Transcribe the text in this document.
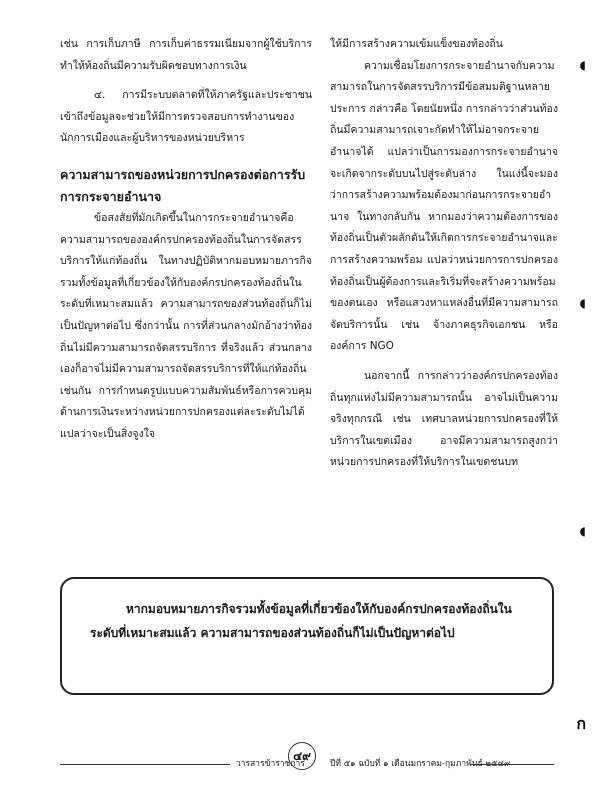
เช่น การเก็บภาษี การเก็บค่าธรรมเนียมจากผู้ใช้บริการ ทำให้ท้องถิ่นมีความรับผิดชอบทางการเงิน

๔. การมีระบบตลาดที่ให้ภาครัฐและประชาชนเข้าถึงข้อมูลจะช่วยให้มีการตรวจสอบการทำงานของนักการเมืองและผู้บริหารของหน่วยบริหาร

ความสามารถของหน่วยการปกครองต่อการรับการกระจายอำนาจ

ข้อสงสัยที่มักเกิดขึ้นในการกระจายอำนาจคือความสามารถขององค์กรปกครองท้องถิ่นในการจัดสรรบริการให้แก่ท้องถิ่น ในทางปฏิบัติหากมอบหมายภารกิจรวมทั้งข้อมูลที่เกี่ยวข้องให้กับองค์กรปกครองท้องถิ่นในระดับที่เหมาะสมแล้ว ความสามารถของส่วนท้องถิ่นก็ไม่เป็นปัญหาต่อไป ซึ่งกว่านั้น การที่ส่วนกลางมักอ้างว่าท้องถิ่นไม่มีความสามารถจัดสรรบริการ ที่จริงแล้ว ส่วนกลางเองก็อาจไม่มีความสามารถจัดสรรบริการที่ให้แก่ท้องถิ่นเช่นกัน การกำหนดรูปแบบความสัมพันธ์หรือการควบคุมด้านการเงินระหว่างหน่วยการปกครองแต่ละระดับไม่ได้แปลว่าจะเป็นสิ่งจูงใจ

ให้มีการสร้างความเข้มแข็งของท้องถิ่น

ความเชื่อมโยงการกระจายอำนาจกับความสามารถในการจัดสรรบริการมีข้อสมมติฐานหลายประการ กล่าวคือ โดยนัยหนึ่ง การกล่าวว่าส่วนท้องถิ่นมีความสามารถเจาะกัดทำให้ไม่อาจกระจายอำนาจได้ แปลว่าเป็นการมองการกระจายอำนาจจะเกิดจากระดับบนไปสู่ระดับล่าง ในแง่นี้จะมองว่าการสร้างความพร้อมต้องมาก่อนการกระจายอำนาจ ในทางกลับกัน หากมองว่าความต้องการของท้องถิ่นเป็นตัวผลักดันให้เกิดการกระจายอำนาจและการสร้างความพร้อม แปลว่าหน่วยการการปกครองท้องถิ่นเป็นผู้ต้องการและริเริ่มที่จะสร้างความพร้อมของตนเอง หรือแสวงหาแหล่งอื่นที่มีความสามารถจัดบริการนั้น เช่น จ้างภาคธุรกิจเอกชน หรือองค์การ NGO

นอกจากนี้ การกล่าวว่าองค์กรปกครองท้องถิ่นทุกแห่งไม่มีความสามารถนั้น อาจไม่เป็นความจริงทุกกรณี เช่น เทศบาลหน่วยการปกครองที่ให้บริการในเขตเมือง อาจมีความสามารถสูงกว่าหน่วยการปกครองที่ให้บริการในเขตชนบท

หากมอบหมายภารกิจรวมทั้งข้อมูลที่เกี่ยวข้องให้กับองค์กรปกครองท้องถิ่นในระดับที่เหมาะสมแล้ว ความสามารถของส่วนท้องถิ่นก็ไม่เป็นปัญหาต่อไป

◖
◖
◖
ก
วารสารข้าราชการ
๔๙
ปีที่ ๕๑ ฉบับที่ ๑ เดือนมกราคม-กุมภาพันธ์ ๒๕๔๙
